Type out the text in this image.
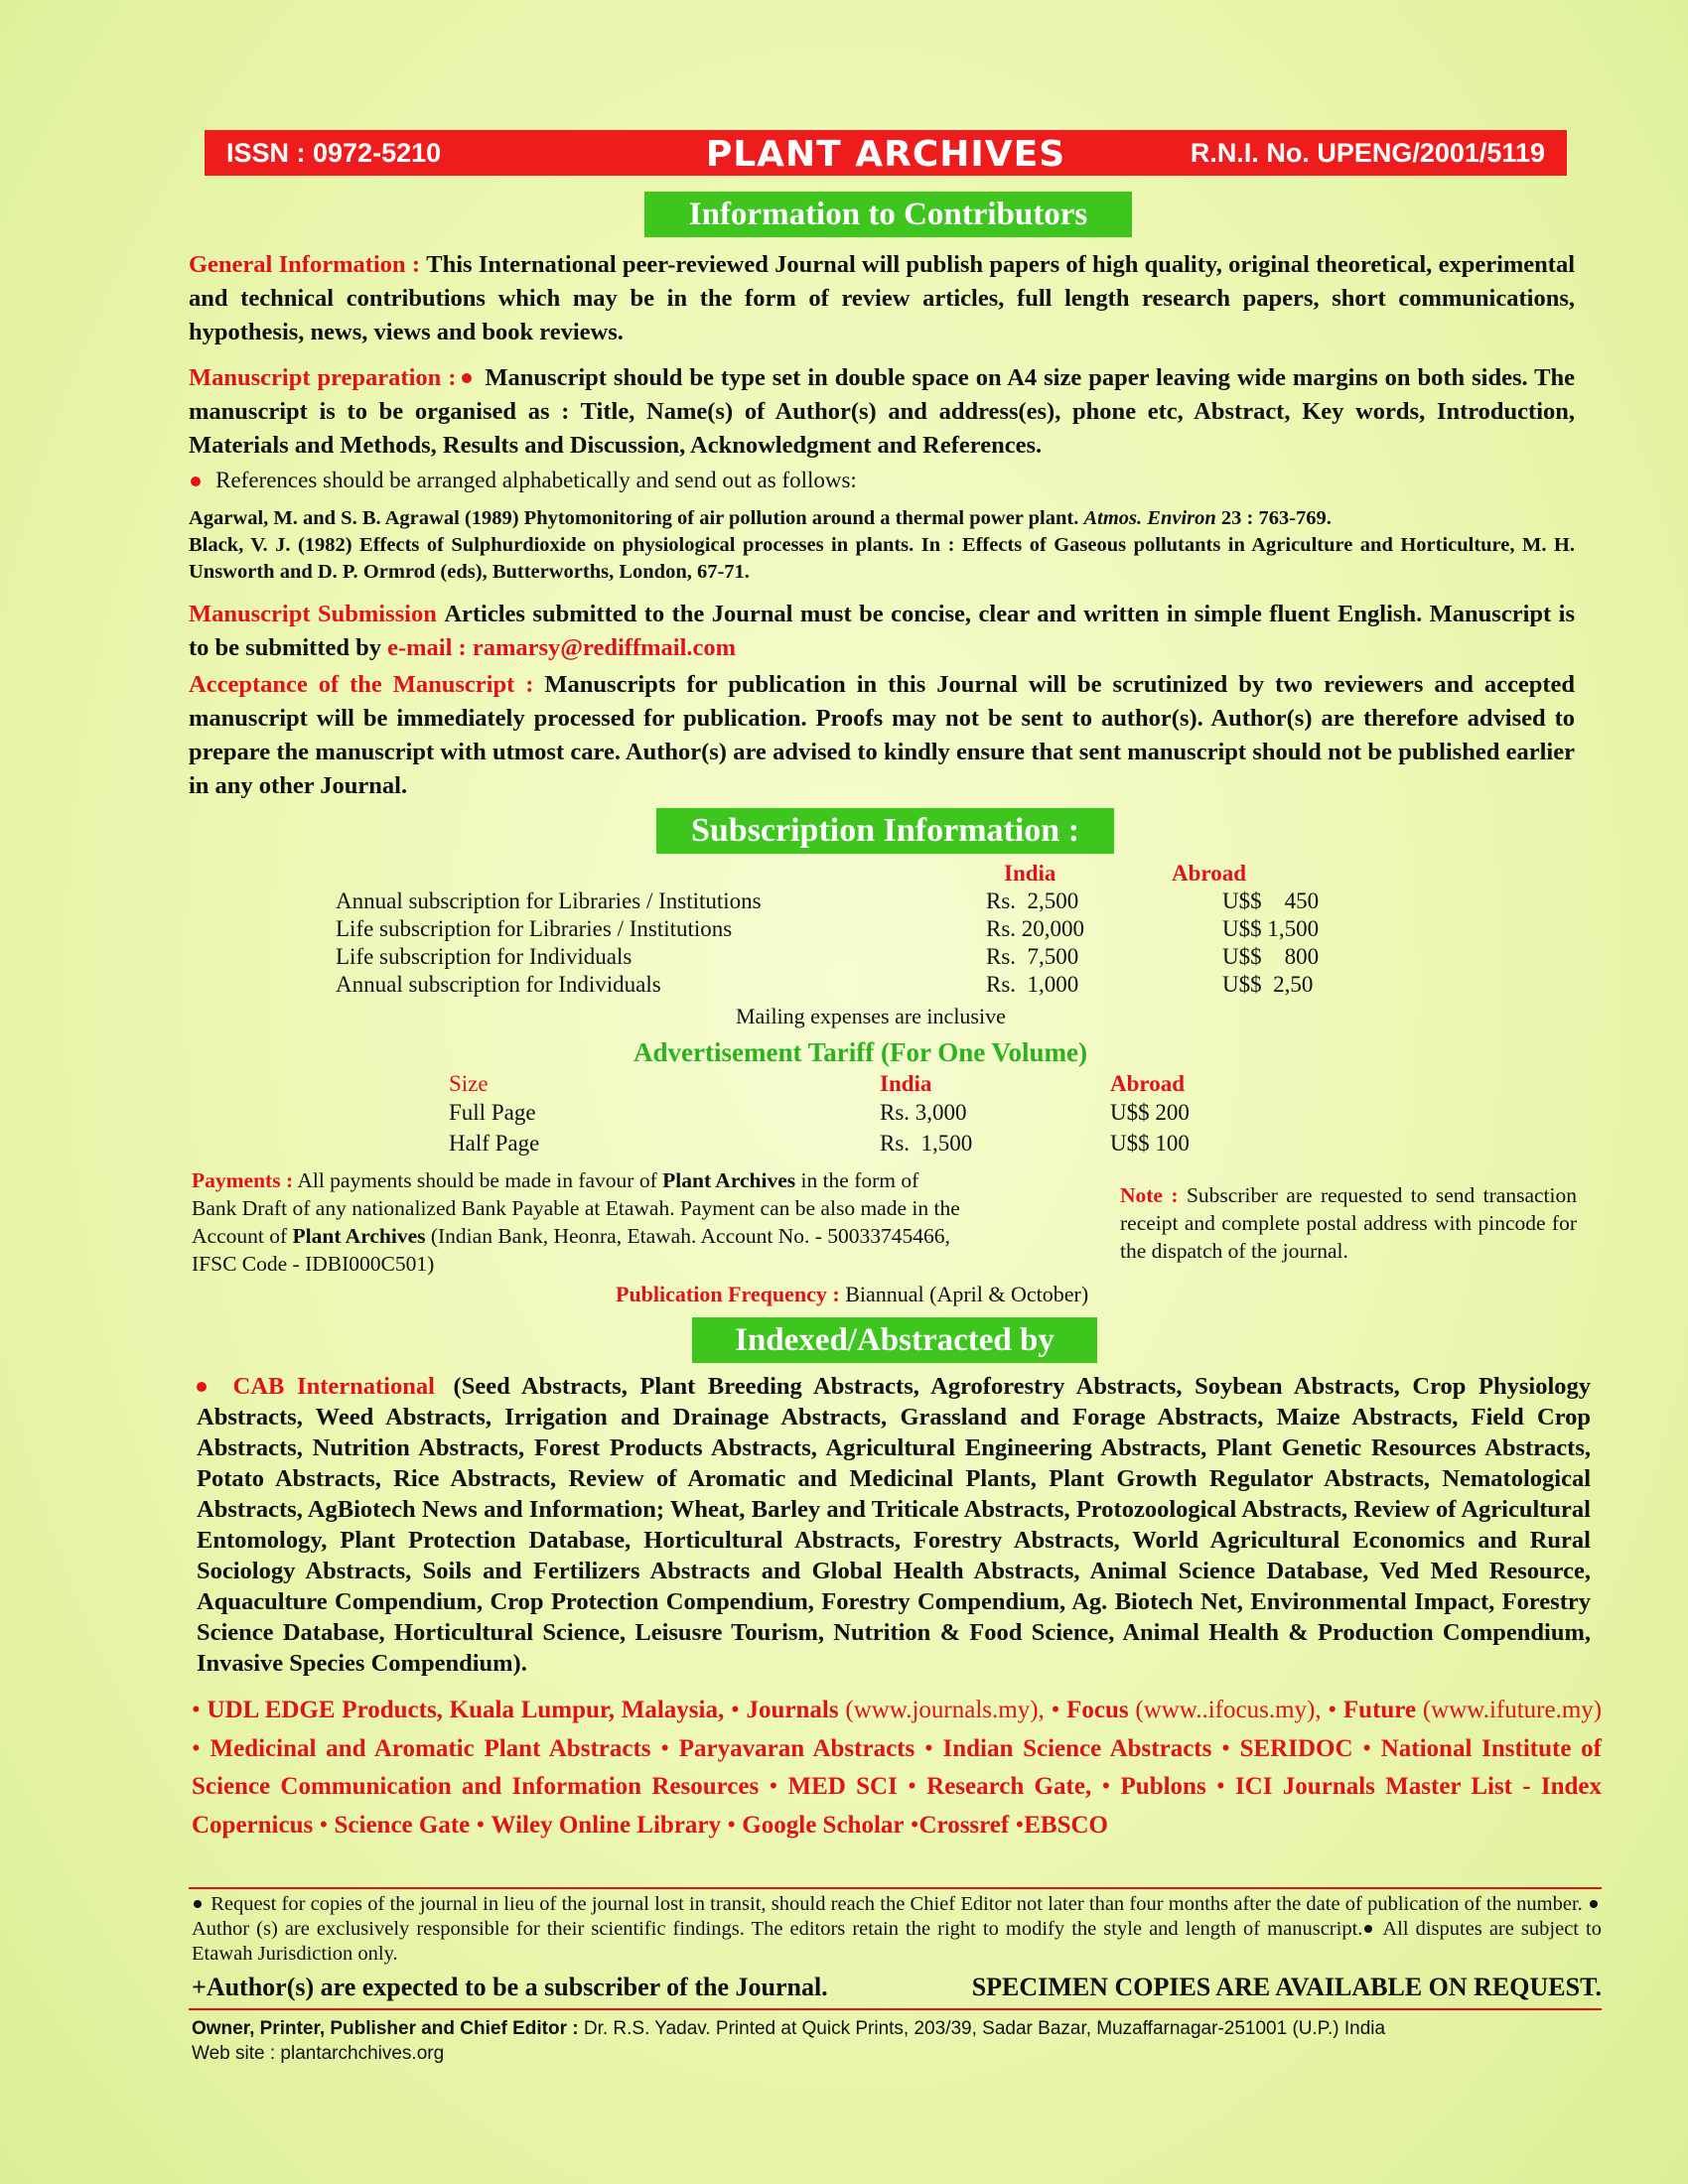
ISSN : 0972-5210	PLANT ARCHIVES	R.N.I. No. UPENG/2001/5119
Information to Contributors
General Information : This International peer-reviewed Journal will publish papers of high quality, original theoretical, experimental and technical contributions which may be in the form of review articles, full length research papers, short communications, hypothesis, news, views and book reviews.
Manuscript preparation : Manuscript should be type set in double space on A4 size paper leaving wide margins on both sides. The manuscript is to be organised as : Title, Name(s) of Author(s) and address(es), phone etc, Abstract, Key words, Introduction, Materials and Methods, Results and Discussion, Acknowledgment and References.
References should be arranged alphabetically and send out as follows:
Agarwal, M. and S. B. Agrawal (1989) Phytomonitoring of air pollution around a thermal power plant. Atmos. Environ 23 : 763-769.
Black, V. J. (1982) Effects of Sulphurdioxide on physiological processes in plants. In : Effects of Gaseous pollutants in Agriculture and Horticulture, M. H. Unsworth and D. P. Ormrod (eds), Butterworths, London, 67-71.
Manuscript Submission Articles submitted to the Journal must be concise, clear and written in simple fluent English. Manuscript is to be submitted by e-mail : ramarsy@rediffmail.com
Acceptance of the Manuscript : Manuscripts for publication in this Journal will be scrutinized by two reviewers and accepted manuscript will be immediately processed for publication. Proofs may not be sent to author(s). Author(s) are therefore advised to prepare the manuscript with utmost care. Author(s) are advised to kindly ensure that sent manuscript should not be published earlier in any other Journal.
Subscription Information :
India	Abroad
Annual subscription for Libraries / Institutions	Rs.  2,500	U$$    450
Life subscription for Libraries / Institutions	Rs. 20,000	U$$ 1,500
Life subscription for Individuals	Rs.  7,500	U$$    800
Annual subscription for Individuals	Rs.  1,000	U$$  2,50
Mailing expenses are inclusive
Advertisement Tariff (For One Volume)
Size	India	Abroad
Full Page	Rs. 3,000	U$$ 200
Half Page	Rs.  1,500	U$$ 100
Payments : All payments should be made in favour of Plant Archives in the form of Bank Draft of any nationalized Bank Payable at Etawah. Payment can be also made in the Account of Plant Archives (Indian Bank, Heonra, Etawah. Account No. - 50033745466, IFSC Code - IDBI000C501)
Note : Subscriber are requested to send transaction receipt and complete postal address with pincode for the dispatch of the journal.
Publication Frequency : Biannual (April & October)
Indexed/Abstracted by
CAB International (Seed Abstracts, Plant Breeding Abstracts, Agroforestry Abstracts, Soybean Abstracts, Crop Physiology Abstracts, Weed Abstracts, Irrigation and Drainage Abstracts, Grassland and Forage Abstracts, Maize Abstracts, Field Crop Abstracts, Nutrition Abstracts, Forest Products Abstracts, Agricultural Engineering Abstracts, Plant Genetic Resources Abstracts, Potato Abstracts, Rice Abstracts, Review of Aromatic and Medicinal Plants, Plant Growth Regulator Abstracts, Nematological Abstracts, AgBiotech News and Information; Wheat, Barley and Triticale Abstracts, Protozoological Abstracts, Review of Agricultural Entomology, Plant Protection Database, Horticultural Abstracts, Forestry Abstracts, World Agricultural Economics and Rural Sociology Abstracts, Soils and Fertilizers Abstracts and Global Health Abstracts, Animal Science Database, Ved Med Resource, Aquaculture Compendium, Crop Protection Compendium, Forestry Compendium, Ag. Biotech Net, Environmental Impact, Forestry Science Database, Horticultural Science, Leisusre Tourism, Nutrition & Food Science, Animal Health & Production Compendium, Invasive Species Compendium).
• UDL EDGE Products, Kuala Lumpur, Malaysia, • Journals (www.journals.my), • Focus (www..ifocus.my), • Future (www.ifuture.my) • Medicinal and Aromatic Plant Abstracts • Paryavaran Abstracts • Indian Science Abstracts • SERIDOC • National Institute of Science Communication and Information Resources • MED SCI • Research Gate, • Publons • ICI Journals Master List - Index Copernicus • Science Gate • Wiley Online Library • Google Scholar •Crossref •EBSCO
Request for copies of the journal in lieu of the journal lost in transit, should reach the Chief Editor not later than four months after the date of publication of the number.  Author (s) are exclusively responsible for their scientific findings. The editors retain the right to modify the style and length of manuscript. All disputes are subject to Etawah Jurisdiction only.
+Author(s) are expected to be a subscriber of the Journal.	SPECIMEN COPIES ARE AVAILABLE ON REQUEST.
Owner, Printer, Publisher and Chief Editor : Dr. R.S. Yadav. Printed at Quick Prints, 203/39, Sadar Bazar, Muzaffarnagar-251001 (U.P.) India
Web site : plantarchchives.org
